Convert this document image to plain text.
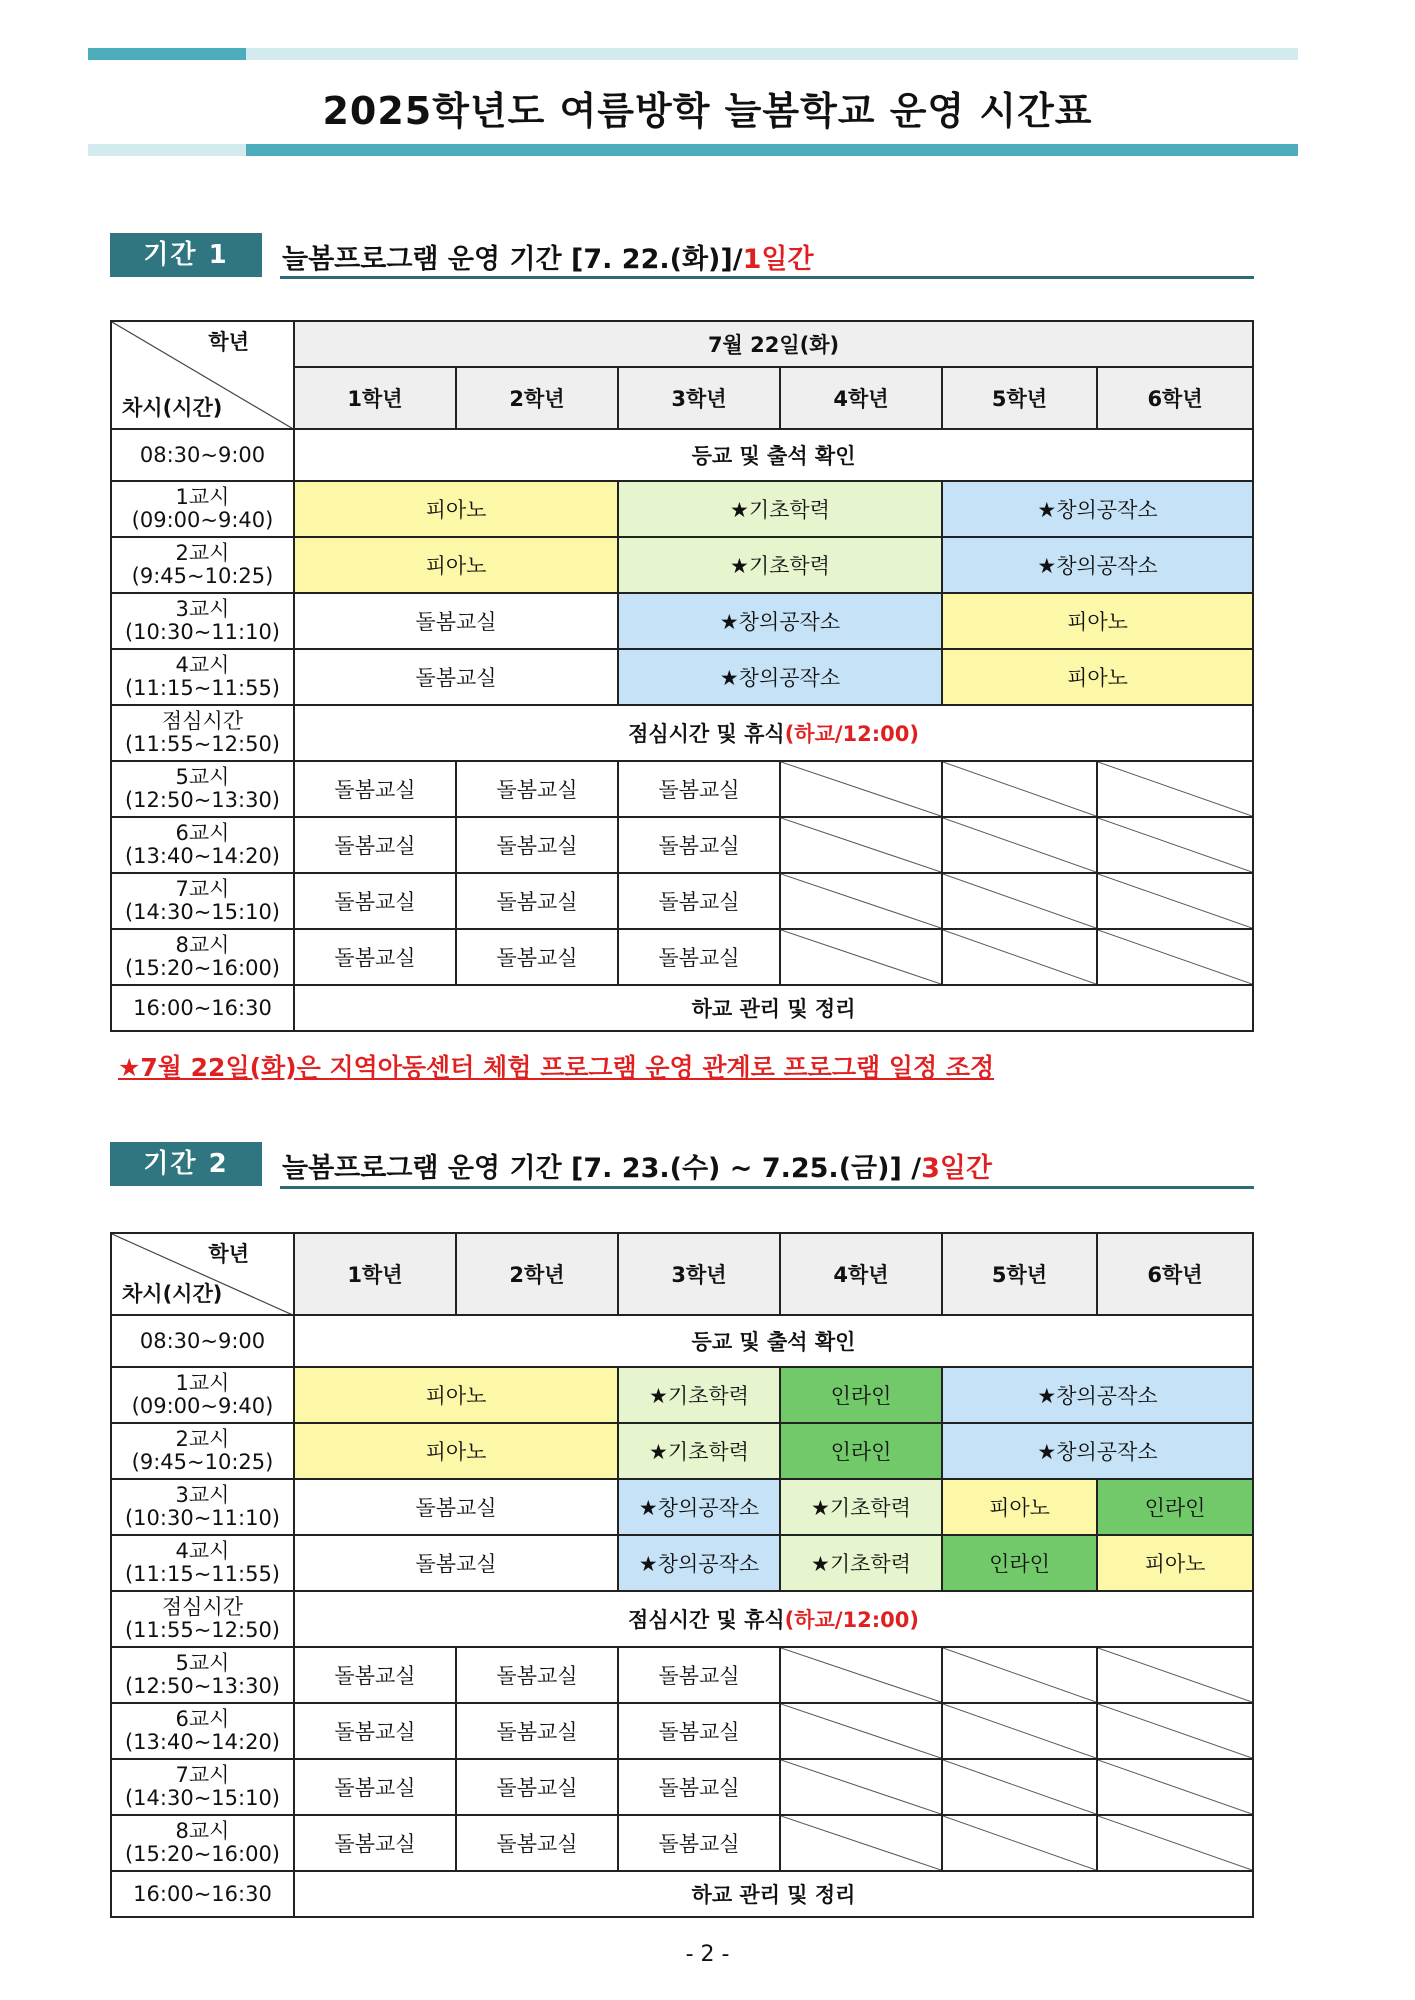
2025학년도 여름방학 늘봄학교 운영 시간표
기간 1	늘봄프로그램 운영 기간 [7. 22.(화)]/1일간
학년
차시(시간)	7월 22일(화)					
	1학년	2학년	3학년	4학년	5학년	6학년
08:30~9:00	등교 및 출석 확인					
1교시
(09:00~9:40)	피아노		★기초학력		★창의공작소	
2교시
(9:45~10:25)	피아노		★기초학력		★창의공작소	
3교시
(10:30~11:10)	돌봄교실		★창의공작소		피아노	
4교시
(11:15~11:55)	돌봄교실		★창의공작소		피아노	
점심시간
(11:55~12:50)	점심시간 및 휴식(하교/12:00)					
5교시
(12:50~13:30)	돌봄교실	돌봄교실	돌봄교실	

6교시
(13:40~14:20)	돌봄교실	돌봄교실	돌봄교실	

7교시
(14:30~15:10)	돌봄교실	돌봄교실	돌봄교실	

8교시
(15:20~16:00)	돌봄교실	돌봄교실	돌봄교실	

16:00~16:30	하교 관리 및 정리					
★7월 22일(화)은 지역아동센터 체험 프로그램 운영 관계로 프로그램 일정 조정
기간 2	늘봄프로그램 운영 기간 [7. 23.(수) ~ 7.25.(금)] /3일간
학년
차시(시간)	1학년	2학년	3학년	4학년	5학년	6학년
08:30~9:00	등교 및 출석 확인					
1교시
(09:00~9:40)	피아노		★기초학력	인라인	★창의공작소	
2교시
(9:45~10:25)	피아노		★기초학력	인라인	★창의공작소	
3교시
(10:30~11:10)	돌봄교실		★창의공작소	★기초학력	피아노	인라인
4교시
(11:15~11:55)	돌봄교실		★창의공작소	★기초학력	인라인	피아노
점심시간
(11:55~12:50)	점심시간 및 휴식(하교/12:00)					
5교시
(12:50~13:30)	돌봄교실	돌봄교실	돌봄교실	

6교시
(13:40~14:20)	돌봄교실	돌봄교실	돌봄교실	

7교시
(14:30~15:10)	돌봄교실	돌봄교실	돌봄교실	

8교시
(15:20~16:00)	돌봄교실	돌봄교실	돌봄교실	

16:00~16:30	하교 관리 및 정리					
- 2 -
